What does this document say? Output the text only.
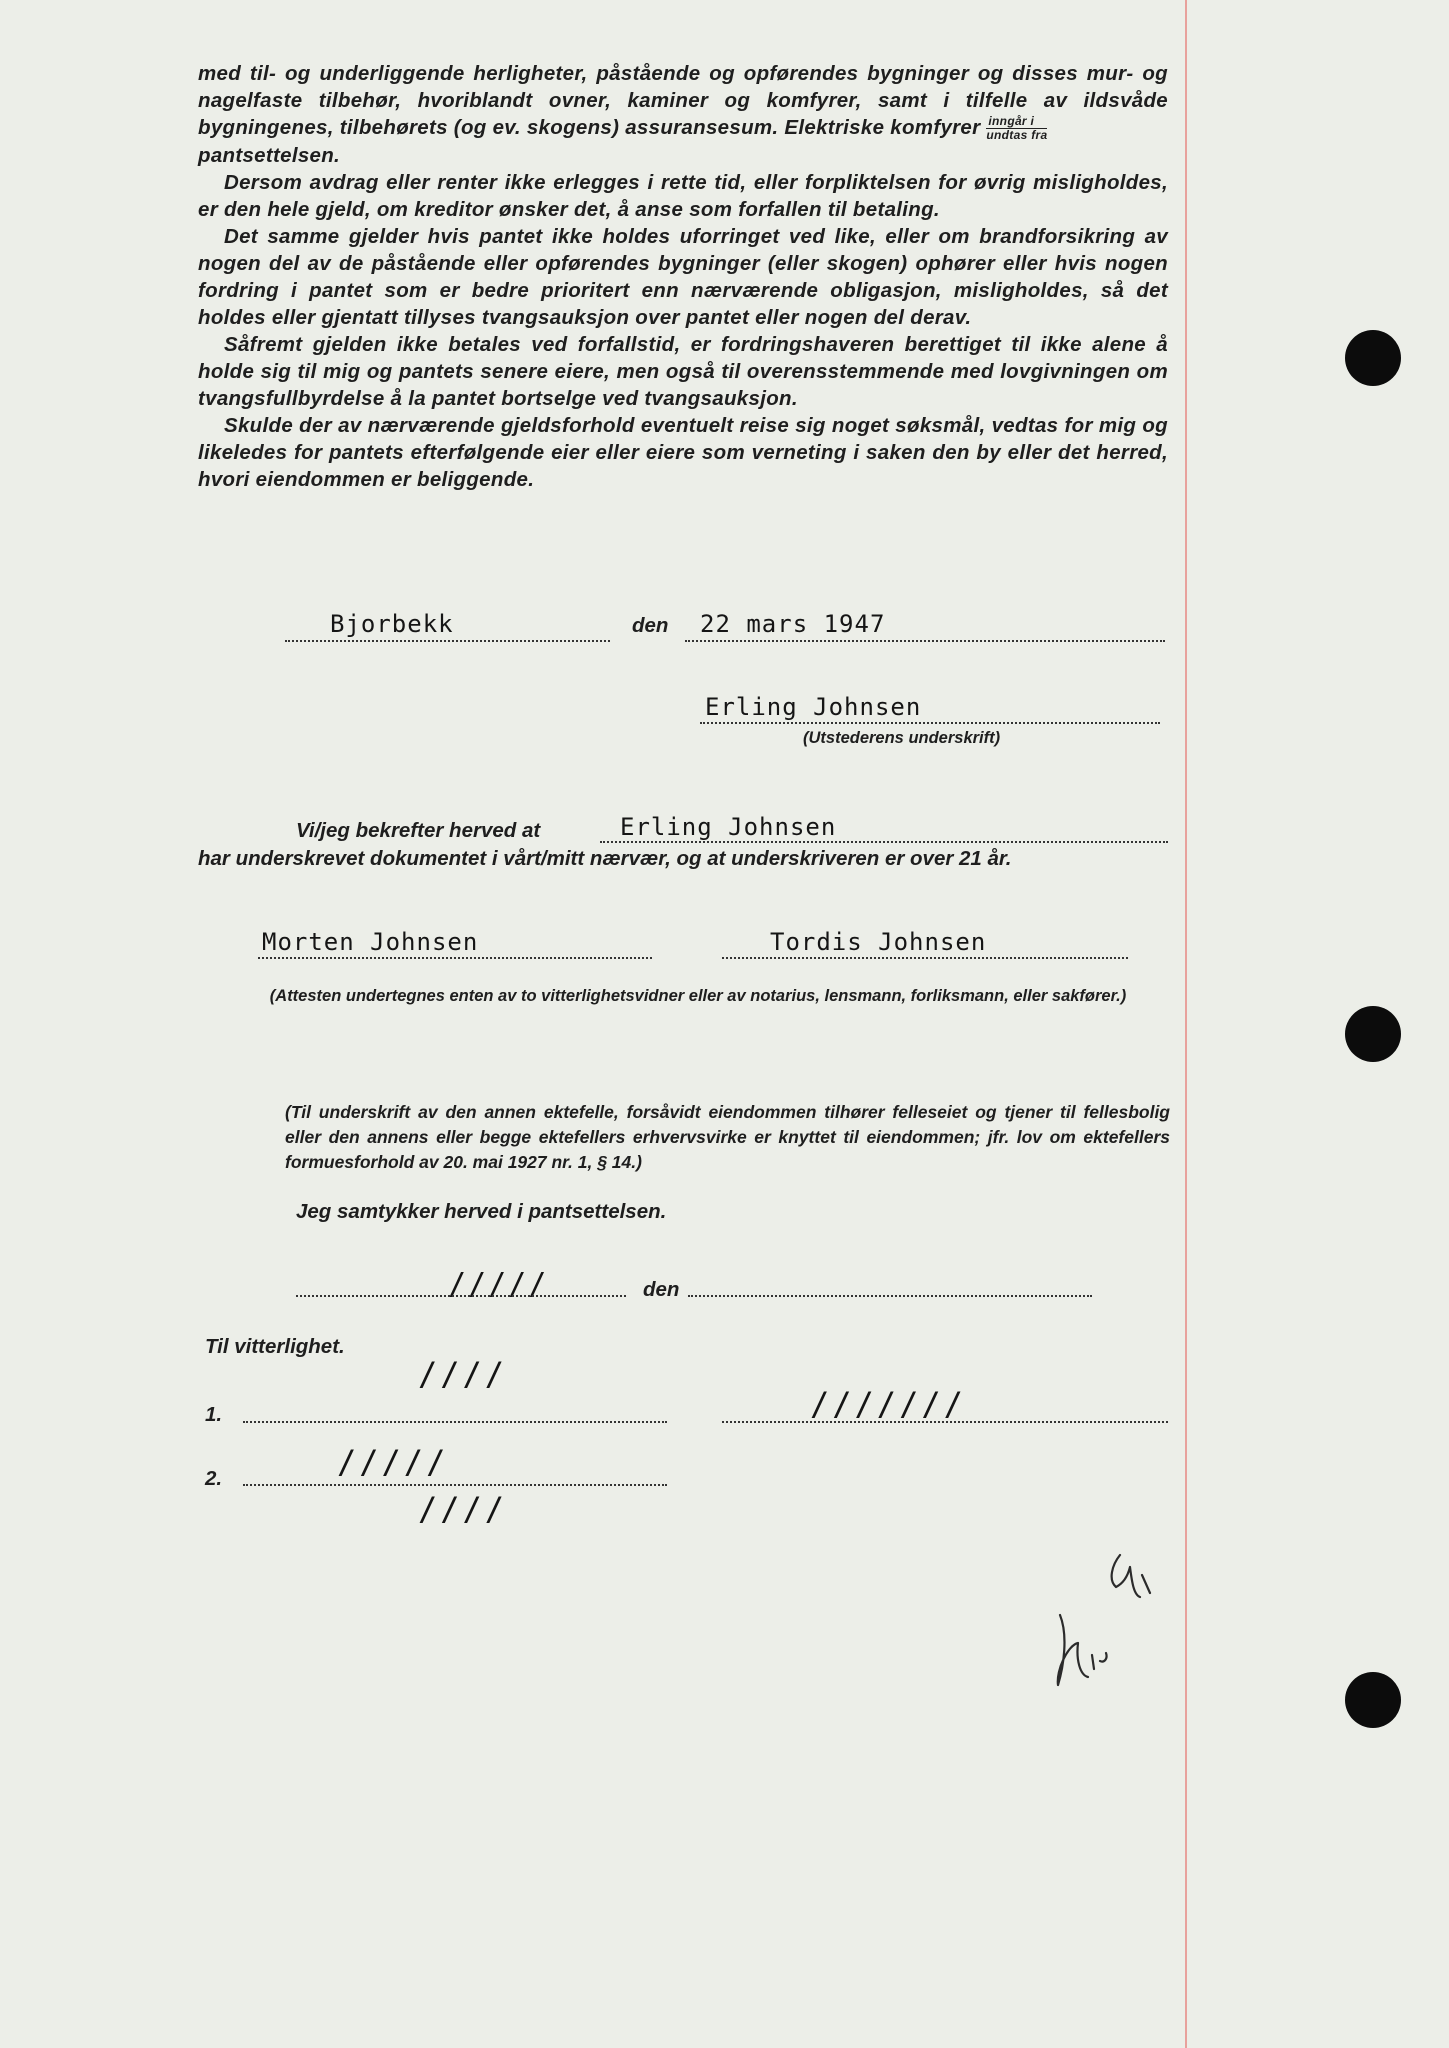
med til- og underliggende herligheter, påstående og opførendes bygninger og disses mur- og nagelfaste tilbehør, hvoriblandt ovner, kaminer og komfyrer, samt i tilfelle av ildsvåde bygningenes, tilbehørets (og ev. skogens) assuransesum. Elektriske komfyrer $\frac{\text{inngår i}}{\text{undtas fra}}$

pantsettelsen.

Dersom avdrag eller renter ikke erlegges i rette tid, eller forpliktelsen for øvrig misligholdes, er den hele gjeld, om kreditor ønsker det, å anse som forfallen til betaling.

Det samme gjelder hvis pantet ikke holdes uforringet ved like, eller om brandforsikring av nogen del av de påstående eller opførendes bygninger (eller skogen) ophører eller hvis nogen fordring i pantet som er bedre prioritert enn nærværende obligasjon, misligholdes, så det holdes eller gjentatt tillyses tvangsauksjon over pantet eller nogen del derav.

Såfremt gjelden ikke betales ved forfallstid, er fordringshaveren berettiget til ikke alene å holde sig til mig og pantets senere eiere, men også til overensstemmende med lovgivningen om tvangsfullbyrdelse å la pantet bortselge ved tvangsauksjon.

Skulde der av nærværende gjeldsforhold eventuelt reise sig noget søksmål, vedtas for mig og likeledes for pantets efterfølgende eier eller eiere som verneting i saken den by eller det herred, hvori eiendommen er beliggende.

Bjorbekk	den 22 mars 1947
Erling Johnsen
(Utstederens underskrift)
Vi/jeg bekrefter herved at	Erling Johnsen
har underskrevet dokumentet i vårt/mitt nærvær, og at underskriveren er over 21 år.
Morten Johnsen	Tordis Johnsen
(Attesten undertegnes enten av to vitterlighetsvidner eller av notarius, lensmann, forliksmann, eller sakfører.)

(Til underskrift av den annen ektefelle, forsåvidt eiendommen tilhører felleseiet og tjener til fellesbolig eller den annens eller begge ektefellers erhvervsvirke er knyttet til eiendommen; jfr. lov om ektefellers formuesforhold av 20. mai 1927 nr. 1, § 14.)

Jeg samtykker herved i pantsettelsen.
/////	den
Til vitterlighet.
////
1.	///////
2.	/////
////
